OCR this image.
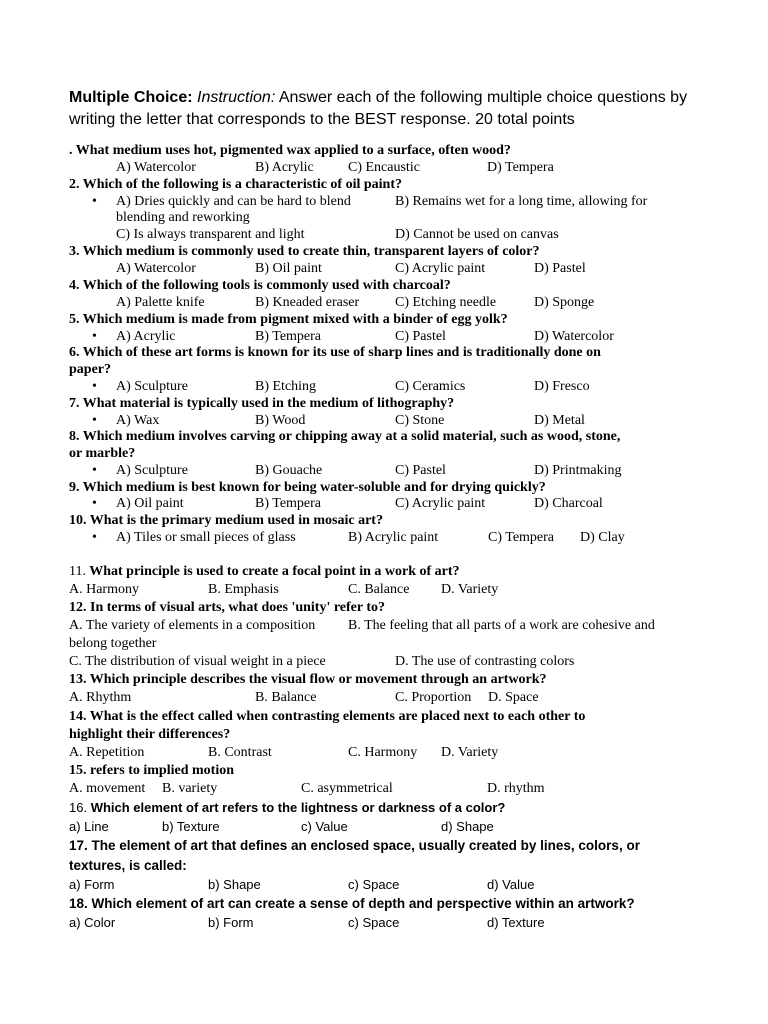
Multiple Choice: Instruction: Answer each of the following multiple choice questions by writing the letter that corresponds to the BEST response. 20 total points
. What medium uses hot, pigmented wax applied to a surface, often wood?
A) Watercolor	B) Acrylic C) Encaustic	D) Tempera
2. Which of the following is a characteristic of oil paint?
• A) Dries quickly and can be hard to blend	B) Remains wet for a long time, allowing for
blending and reworking
C) Is always transparent and light	D) Cannot be used on canvas
3. Which medium is commonly used to create thin, transparent layers of color?
A) Watercolor	B) Oil paint	C) Acrylic paint	D) Pastel
4. Which of the following tools is commonly used with charcoal?
A) Palette knife	B) Kneaded eraser	C) Etching needle	D) Sponge
5. Which medium is made from pigment mixed with a binder of egg yolk?
• A) Acrylic	B) Tempera	C) Pastel	D) Watercolor
6. Which of these art forms is known for its use of sharp lines and is traditionally done on
paper?
• A) Sculpture	B) Etching	C) Ceramics	D) Fresco
7. What material is typically used in the medium of lithography?
• A) Wax	B) Wood	C) Stone	D) Metal
8. Which medium involves carving or chipping away at a solid material, such as wood, stone,
or marble?
• A) Sculpture	B) Gouache	C) Pastel	D) Printmaking
9. Which medium is best known for being water-soluble and for drying quickly?
• A) Oil paint	B) Tempera	C) Acrylic paint	D) Charcoal
10. What is the primary medium used in mosaic art?
• A) Tiles or small pieces of glass	B) Acrylic paint	C) Tempera D) Clay
11. What principle is used to create a focal point in a work of art?
A. Harmony	B. Emphasis	C. Balance D. Variety
12. In terms of visual arts, what does 'unity' refer to?
A. The variety of elements in a composition B. The feeling that all parts of a work are cohesive and
belong together
C. The distribution of visual weight in a piece	D. The use of contrasting colors
13. Which principle describes the visual flow or movement through an artwork?
A. Rhythm	B. Balance	C. Proportion D. Space
14. What is the effect called when contrasting elements are placed next to each other to
highlight their differences?
A. Repetition	B. Contrast	C. Harmony D. Variety
15. refers to implied motion
A. movement B. variety	C. asymmetrical	D. rhythm
16. Which element of art refers to the lightness or darkness of a color?
a) Line	b) Texture	c) Value	d) Shape
17. The element of art that defines an enclosed space, usually created by lines, colors, or
textures, is called:
a) Form	b) Shape	c) Space	d) Value
18. Which element of art can create a sense of depth and perspective within an artwork?
a) Color	b) Form	c) Space	d) Texture
